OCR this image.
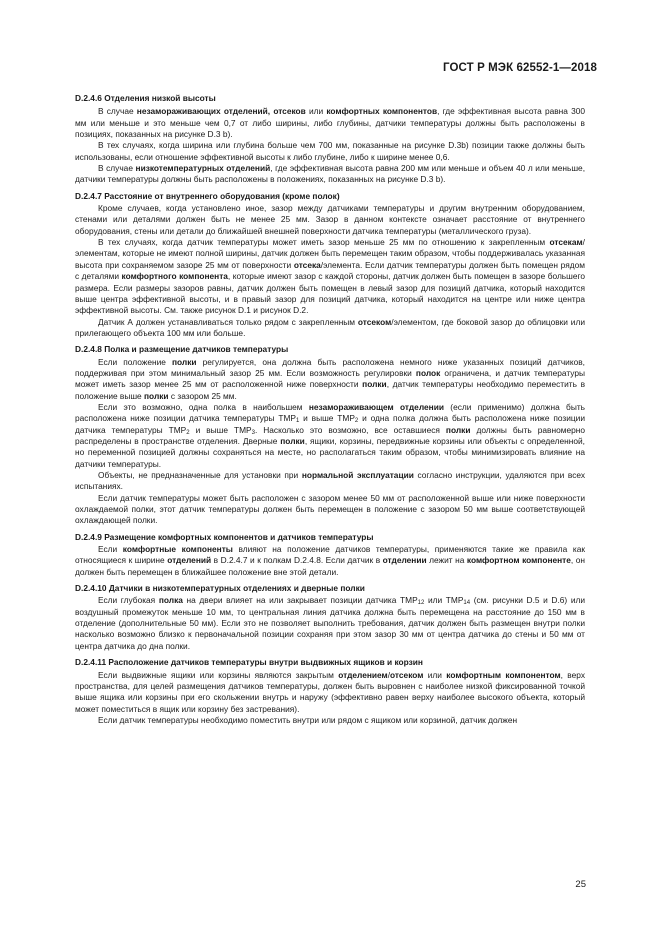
ГОСТ Р МЭК 62552-1—2018
D.2.4.6 Отделения низкой высоты

В случае незамораживающих отделений, отсеков или комфортных компонентов, где эффективная высота равна 300 мм или меньше и это меньше чем 0,7 от либо ширины, либо глубины, датчики температуры должны быть расположены в позициях, показанных на рисунке D.3 b).

В тех случаях, когда ширина или глубина больше чем 700 мм, показанные на рисунке D.3b) позиции также должны быть использованы, если отношение эффективной высоты к либо глубине, либо к ширине менее 0,6.

В случае низкотемпературных отделений, где эффективная высота равна 200 мм или меньше и объем 40 л или меньше, датчики температуры должны быть расположены в положениях, показанных на рисунке D.3 b).

D.2.4.7 Расстояние от внутреннего оборудования (кроме полок)

Кроме случаев, когда установлено иное, зазор между датчиками температуры и другим внутренним оборудованием, стенами или деталями должен быть не менее 25 мм. Зазор в данном контексте означает расстояние от внутреннего оборудования, стены или детали до ближайшей внешней поверхности датчика температуры (металлического груза).

В тех случаях, когда датчик температуры может иметь зазор меньше 25 мм по отношению к закрепленным отсекам/элементам, которые не имеют полной ширины, датчик должен быть перемещен таким образом, чтобы поддерживалась указанная высота при сохраняемом зазоре 25 мм от поверхности отсека/элемента. Если датчик температуры должен быть помещен рядом с деталями комфортного компонента, которые имеют зазор с каждой стороны, датчик должен быть помещен в зазоре большего размера. Если размеры зазоров равны, датчик должен быть помещен в левый зазор для позиций датчика, который находится выше центра эффективной высоты, и в правый зазор для позиций датчика, который находится на центре или ниже центра эффективной высоты. См. также рисунок D.1 и рисунок D.2.

Датчик А должен устанавливаться только рядом с закрепленным отсеком/элементом, где боковой зазор до облицовки или прилегающего объекта 100 мм или больше.

D.2.4.8 Полка и размещение датчиков температуры

Если положение полки регулируется, она должна быть расположена немного ниже указанных позиций датчиков, поддерживая при этом минимальный зазор 25 мм. Если возможность регулировки полок ограничена, и датчик температуры может иметь зазор менее 25 мм от расположенной ниже поверхности полки, датчик температуры необходимо переместить в положение выше полки с зазором 25 мм.

Если это возможно, одна полка в наибольшем незамораживающем отделении (если применимо) должна быть расположена ниже позиции датчика температуры $TMP_1$ и выше $TMP_2$ и одна полка должна быть расположена ниже позиции датчика температуры $TMP_2$ и выше $TMP_3$. Насколько это возможно, все оставшиеся полки должны быть равномерно распределены в пространстве отделения. Дверные полки, ящики, корзины, передвижные корзины или объекты с определенной, но переменной позицией должны сохраняться на месте, но располагаться таким образом, чтобы минимизировать влияние на датчики температуры.

Объекты, не предназначенные для установки при нормальной эксплуатации согласно инструкции, удаляются при всех испытаниях.

Если датчик температуры может быть расположен с зазором менее 50 мм от расположенной выше или ниже поверхности охлаждаемой полки, этот датчик температуры должен быть перемещен в положение с зазором 50 мм выше соответствующей охлаждающей полки.

D.2.4.9 Размещение комфортных компонентов и датчиков температуры

Если комфортные компоненты влияют на положение датчиков температуры, применяются такие же правила как относящиеся к ширине отделений в D.2.4.7 и к полкам D.2.4.8. Если датчик в отделении лежит на комфортном компоненте, он должен быть перемещен в ближайшее положение вне этой детали.

D.2.4.10 Датчики в низкотемпературных отделениях и дверные полки

Если глубокая полка на двери влияет на или закрывает позиции датчика $TMP_{12}$ или $TMP_{14}$ (см. рисунки D.5 и D.6) или воздушный промежуток меньше 10 мм, то центральная линия датчика должна быть перемещена на расстояние до 150 мм в отделение (дополнительные 50 мм). Если это не позволяет выполнить требования, датчик должен быть размещен внутри полки насколько возможно близко к первоначальной позиции сохраняя при этом зазор 30 мм от центра датчика до стены и 50 мм от центра датчика до дна полки.

D.2.4.11 Расположение датчиков температуры внутри выдвижных ящиков и корзин

Если выдвижные ящики или корзины являются закрытым отделением/отсеком или комфортным компонентом, верх пространства, для целей размещения датчиков температуры, должен быть выровнен с наиболее низкой фиксированной точкой выше ящика или корзины при его скольжении внутрь и наружу (эффективно равен верху наиболее высокого объекта, который может поместиться в ящик или корзину без застревания).

Если датчик температуры необходимо поместить внутри или рядом с ящиком или корзиной, датчик должен

25
